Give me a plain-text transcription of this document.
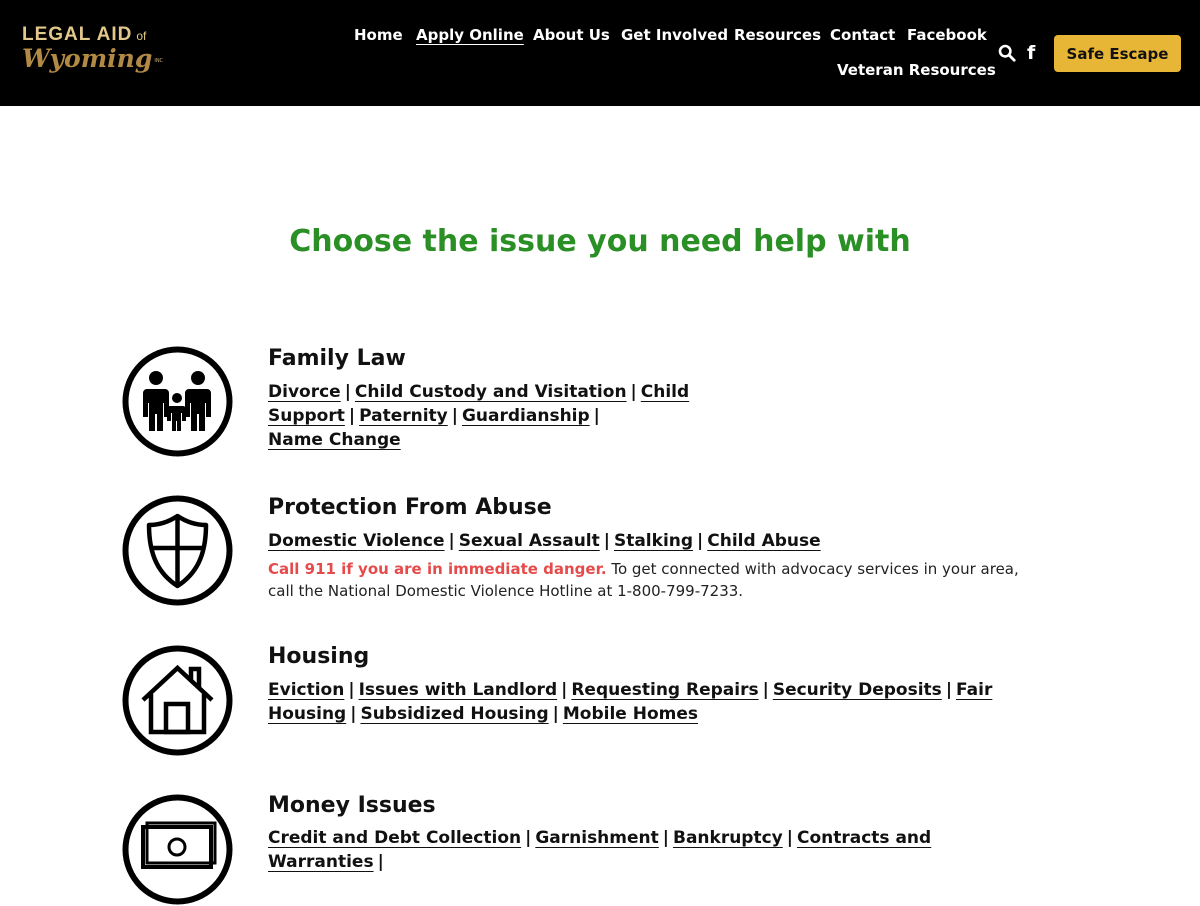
LEGAL AID of
Wyoming INC
Home Apply Online About Us Get Involved Resources Contact Facebook
Veteran Resources
f	Safe Escape
Choose the issue you need help with
Family Law
Divorce | Child Custody and Visitation | Child Support | Paternity | Guardianship |
Name Change
Protection From Abuse
Domestic Violence | Sexual Assault | Stalking | Child Abuse

Call 911 if you are in immediate danger. To get connected with advocacy services in your area, call the National Domestic Violence Hotline at 1-800-799-7233.

Housing
Eviction | Issues with Landlord | Requesting Repairs | Security Deposits | Fair Housing | Subsidized Housing | Mobile Homes
Money Issues
Credit and Debt Collection | Garnishment | Bankruptcy | Contracts and Warranties |
